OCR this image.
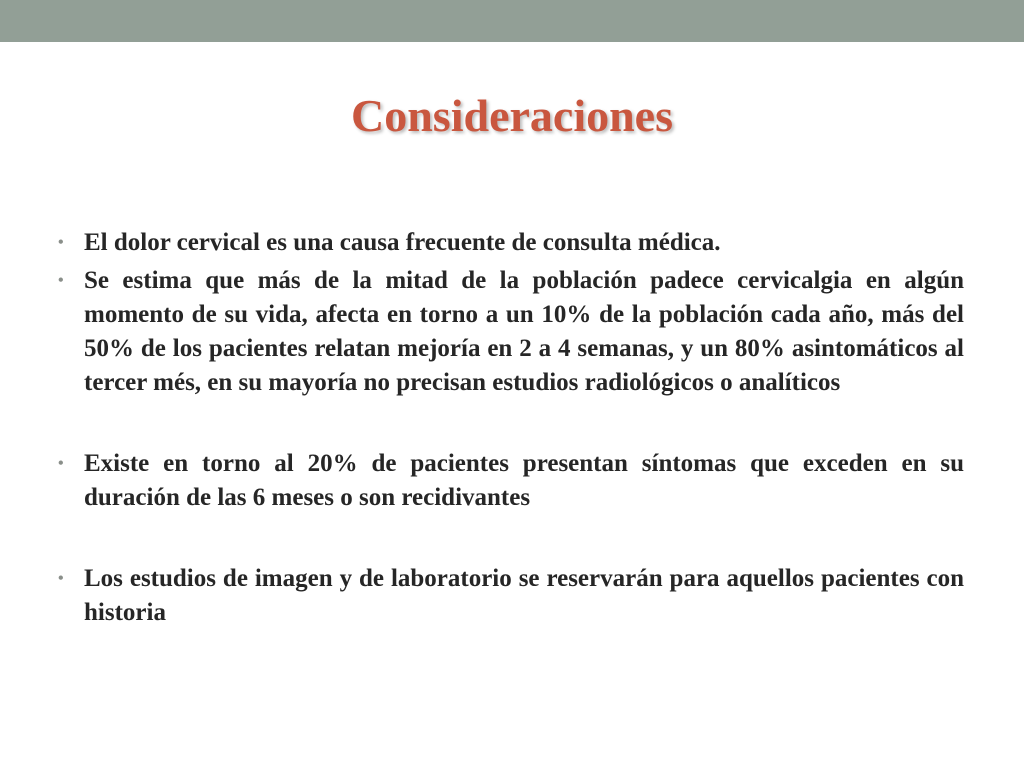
Consideraciones
• El dolor cervical es una causa frecuente de consulta médica.
• Se estima que más de la mitad de la población padece cervicalgia en algún momento de su vida, afecta en torno a un 10% de la población cada año, más del 50% de los pacientes relatan mejoría en 2 a 4 semanas, y un 80% asintomáticos al tercer més, en su mayoría no precisan estudios radiológicos o analíticos
• Existe en torno al 20% de pacientes presentan síntomas que exceden en su duración de las 6 meses o son recidivantes
• Los estudios de imagen y de laboratorio se reservarán para aquellos pacientes con historia
